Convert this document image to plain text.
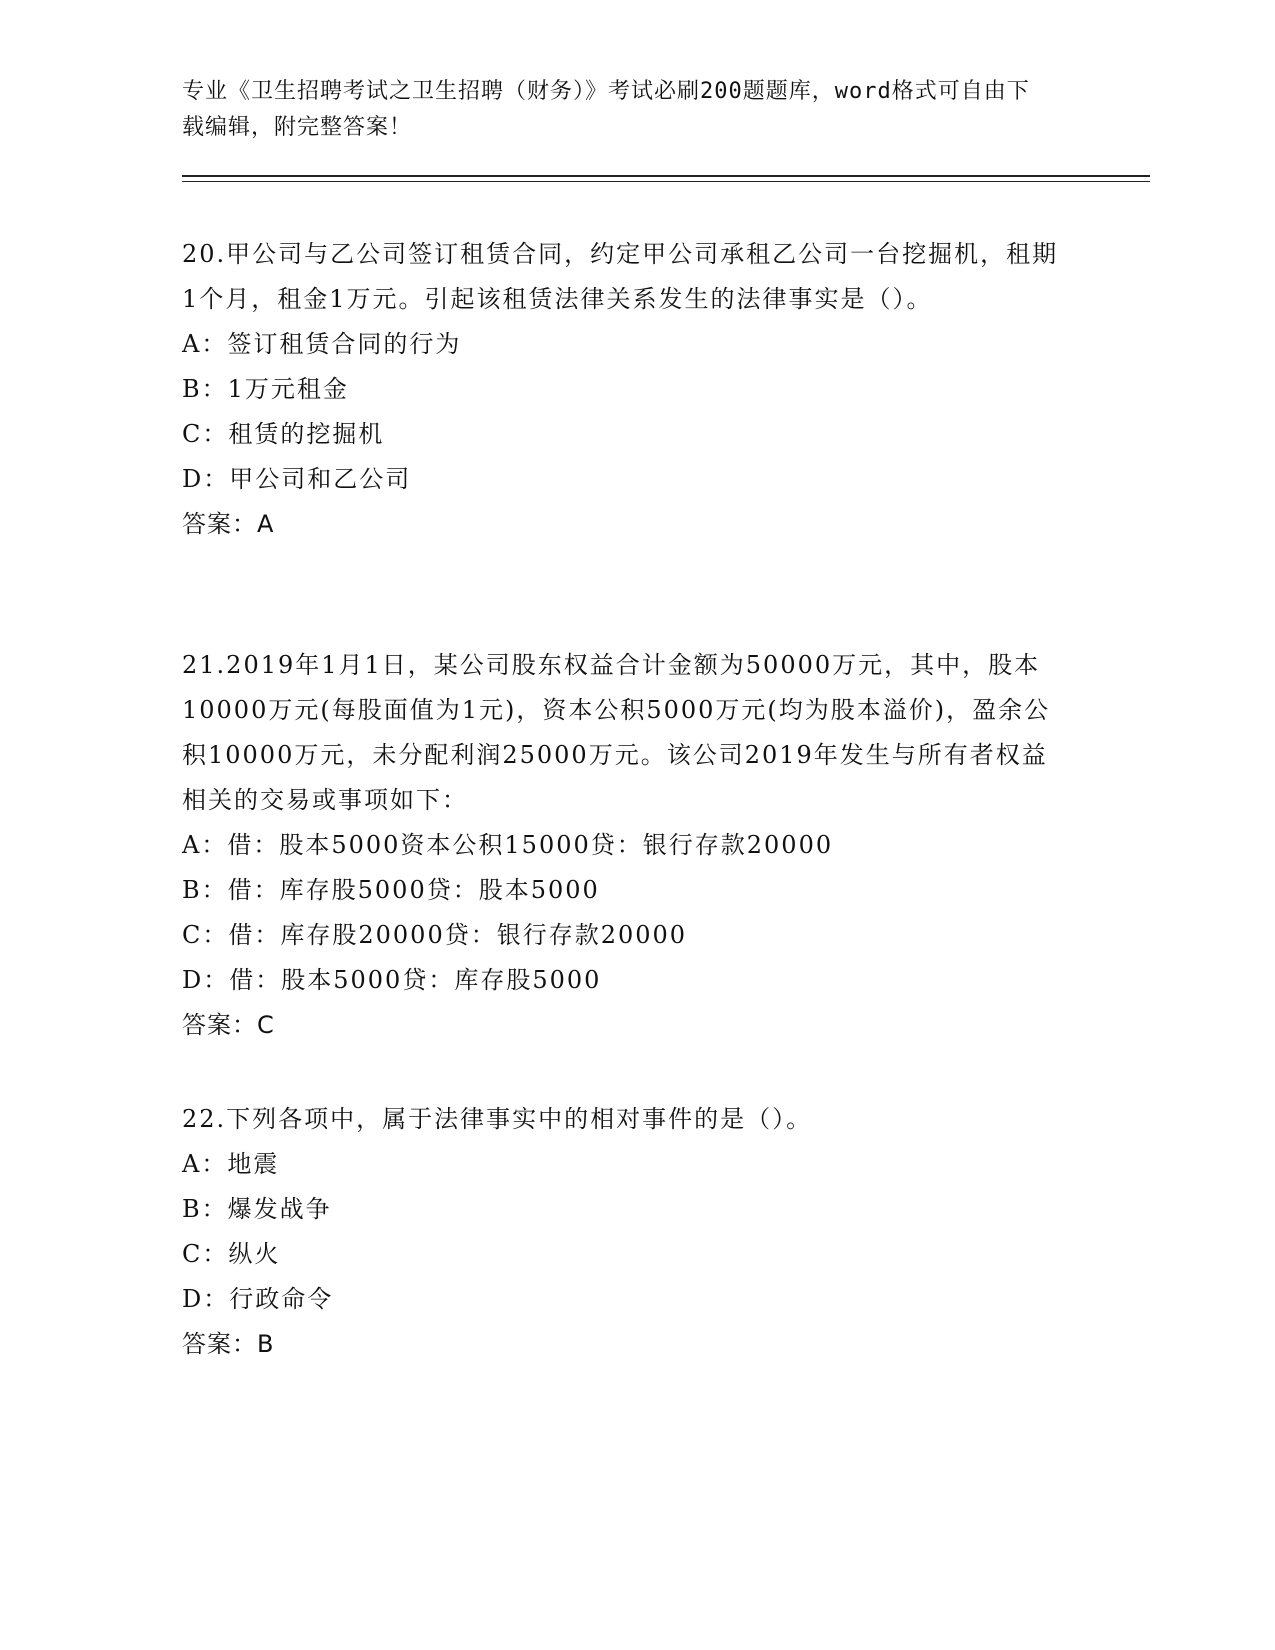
专业《卫生招聘考试之卫生招聘（财务）》考试必刷200题题库，word格式可自由下载编辑，附完整答案！

20.甲公司与乙公司签订租赁合同，约定甲公司承租乙公司一台挖掘机，租期1个月，租金1万元。引起该租赁法律关系发生的法律事实是（）。

A：签订租赁合同的行为

B：1万元租金

C：租赁的挖掘机

D：甲公司和乙公司

答案：A

21.2019年1月1日，某公司股东权益合计金额为50000万元，其中，股本10000万元(每股面值为1元)，资本公积5000万元(均为股本溢价)，盈余公积10000万元，未分配利润25000万元。该公司2019年发生与所有者权益相关的交易或事项如下：

A：借：股本5000资本公积15000贷：银行存款20000

B：借：库存股5000贷：股本5000

C：借：库存股20000贷：银行存款20000

D：借：股本5000贷：库存股5000

答案：C

22.下列各项中，属于法律事实中的相对事件的是（）。

A：地震

B：爆发战争

C：纵火

D：行政命令

答案：B
